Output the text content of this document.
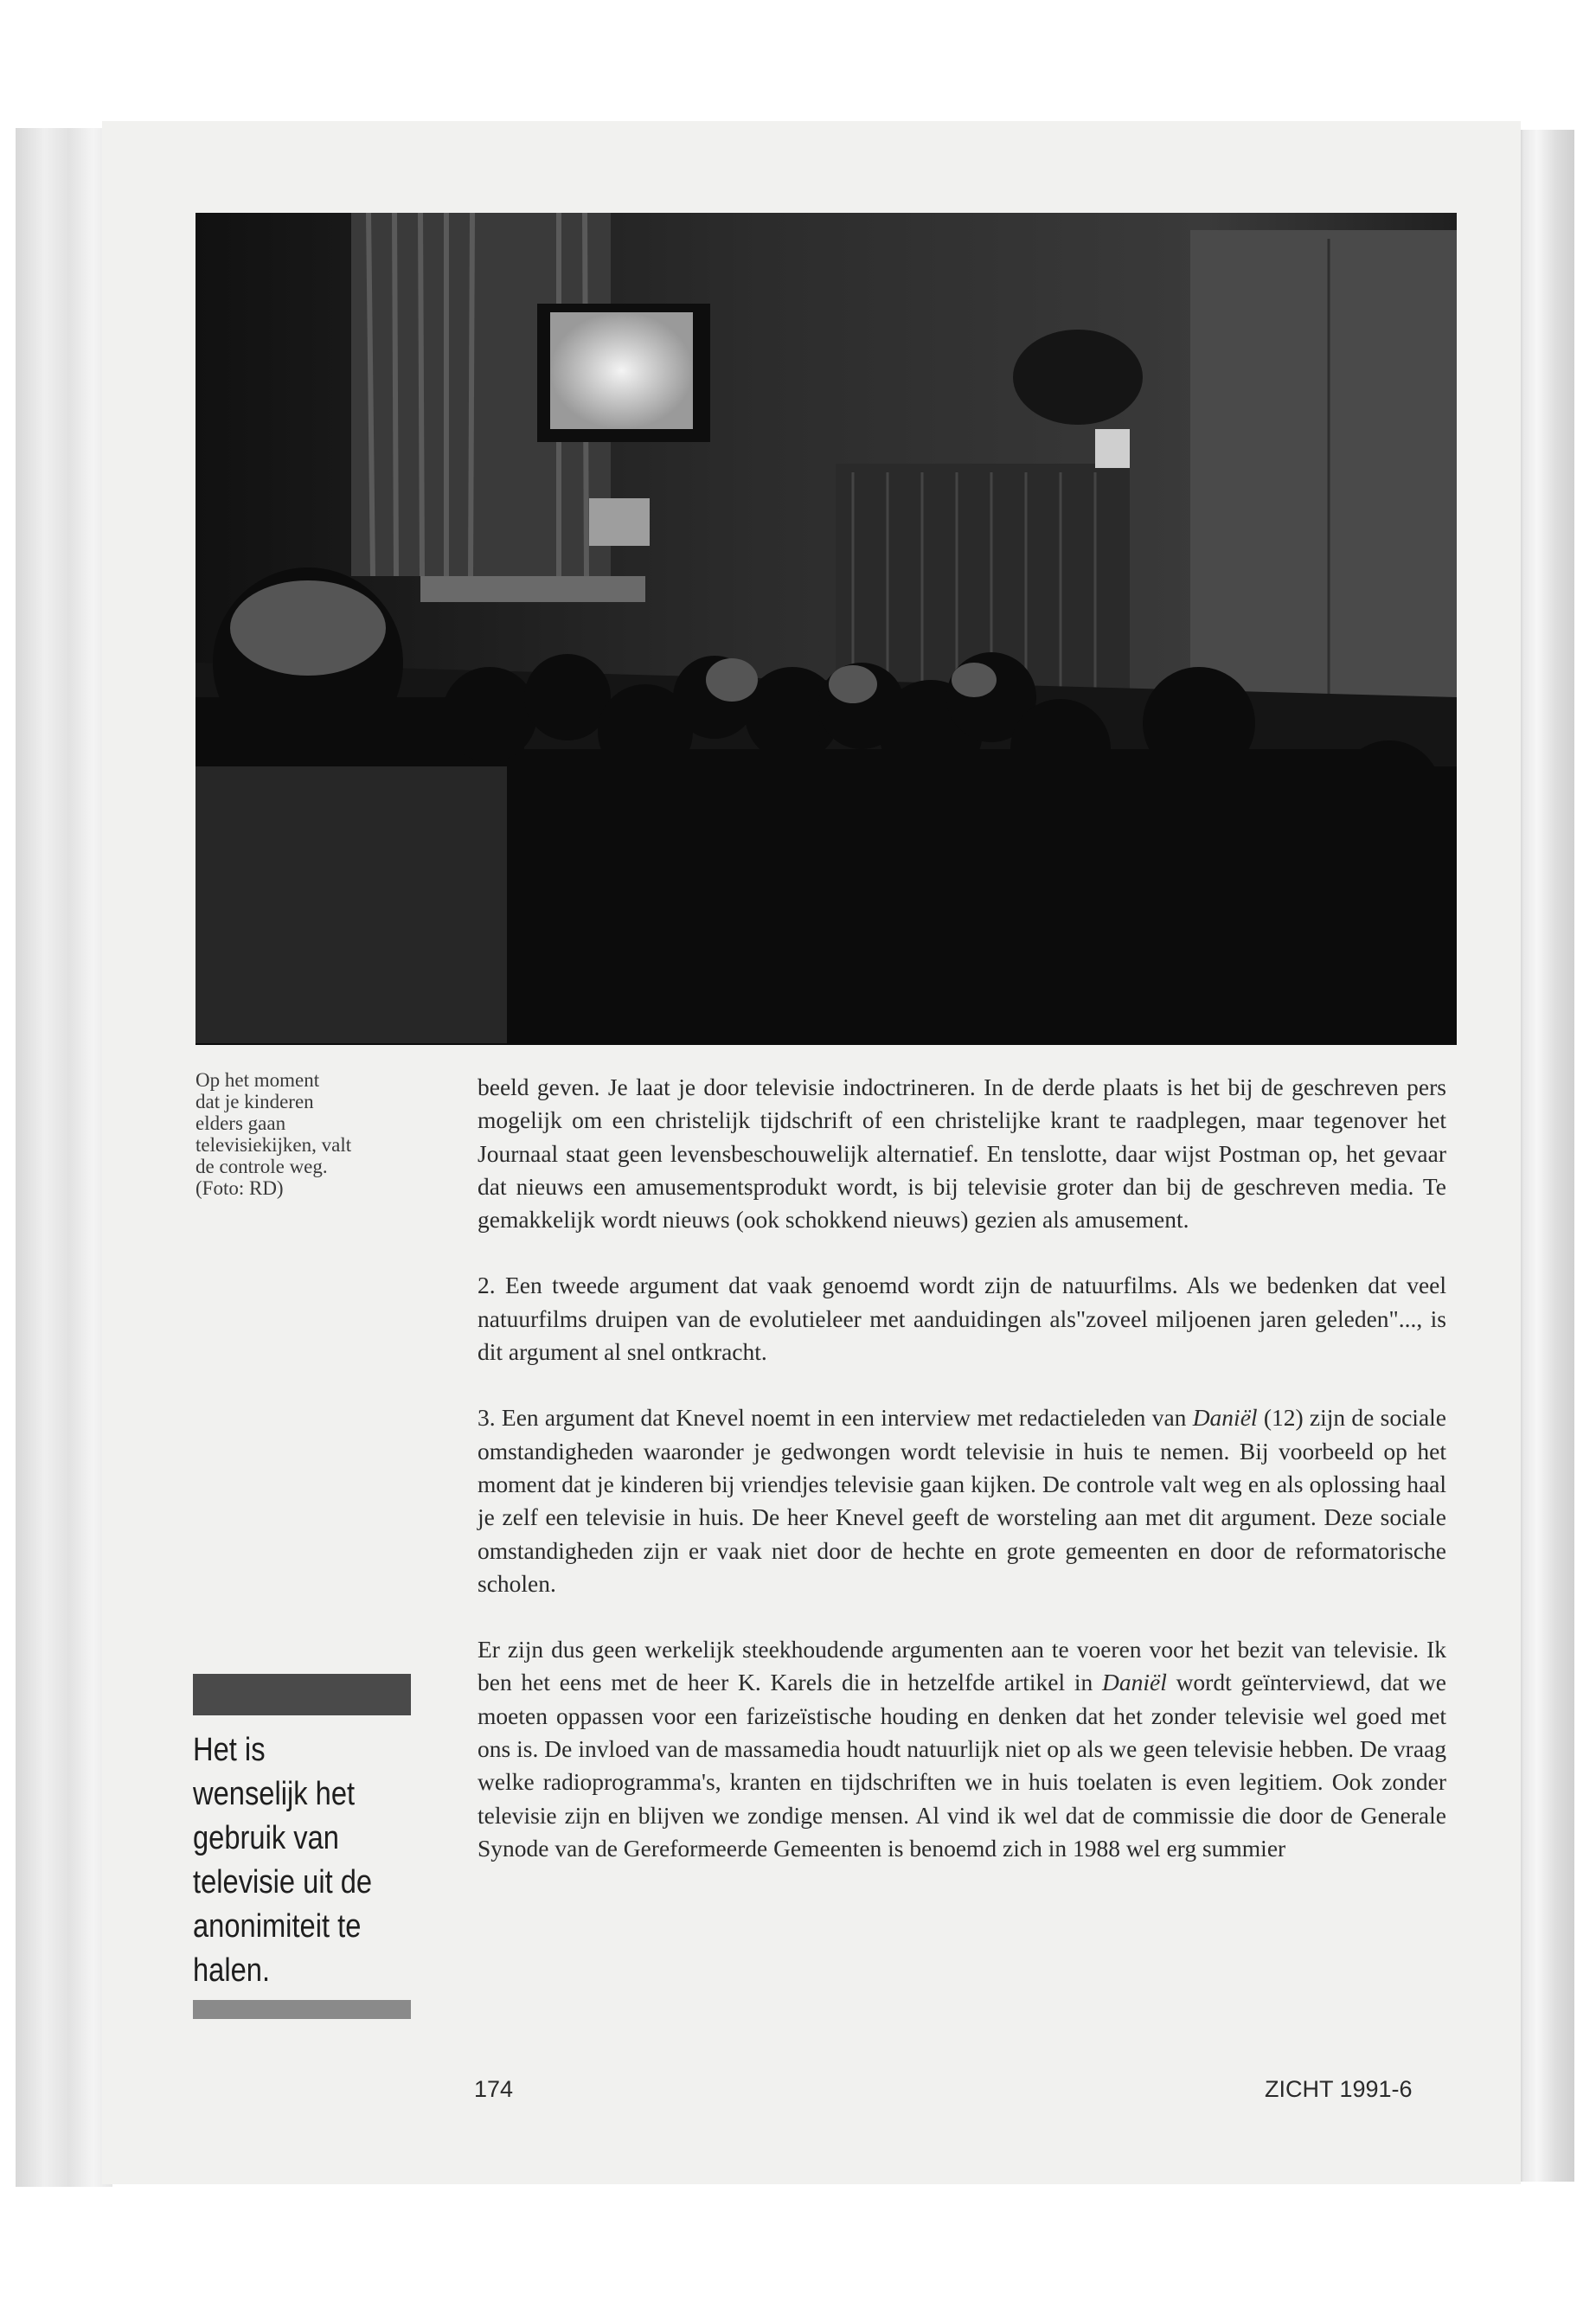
Op het moment
dat je kinderen
elders gaan
televisiekijken, valt
de controle weg.
(Foto: RD)

beeld geven. Je laat je door televisie indoctrineren. In de derde plaats is het bij de geschreven pers mogelijk om een christelijk tijdschrift of een christelijke krant te raadplegen, maar tegenover het Journaal staat geen levensbeschouwelijk alternatief. En tenslotte, daar wijst Postman op, het gevaar dat nieuws een amusementsprodukt wordt, is bij televisie groter dan bij de geschreven media. Te gemakkelijk wordt nieuws (ook schokkend nieuws) gezien als amusement.

2. Een tweede argument dat vaak genoemd wordt zijn de natuurfilms. Als we bedenken dat veel natuurfilms druipen van de evolutieleer met aanduidingen als"zoveel miljoenen jaren geleden"..., is dit argument al snel ontkracht.

3. Een argument dat Knevel noemt in een interview met redactieleden van Daniël (12) zijn de sociale omstandigheden waaronder je gedwongen wordt televisie in huis te nemen. Bij voorbeeld op het moment dat je kinderen bij vriendjes televisie gaan kijken. De controle valt weg en als oplossing haal je zelf een televisie in huis. De heer Knevel geeft de worsteling aan met dit argument. Deze sociale omstandigheden zijn er vaak niet door de hechte en grote gemeenten en door de reformatorische scholen.

Er zijn dus geen werkelijk steekhoudende argumenten aan te voeren voor het bezit van televisie. Ik ben het eens met de heer K. Karels die in hetzelfde artikel in Daniël wordt geïnterviewd, dat we moeten oppassen voor een farizeïstische houding en denken dat het zonder televisie wel goed met ons is. De invloed van de massamedia houdt natuurlijk niet op als we geen televisie hebben. De vraag welke radioprogramma's, kranten en tijdschriften we in huis toelaten is even legitiem. Ook zonder televisie zijn en blijven we zondige mensen. Al vind ik wel dat de commissie die door de Generale Synode van de Gereformeerde Gemeenten is benoemd zich in 1988 wel erg summier

Het is
wenselijk het
gebruik van
televisie uit de
anonimiteit te
halen.
174	ZICHT 1991-6
